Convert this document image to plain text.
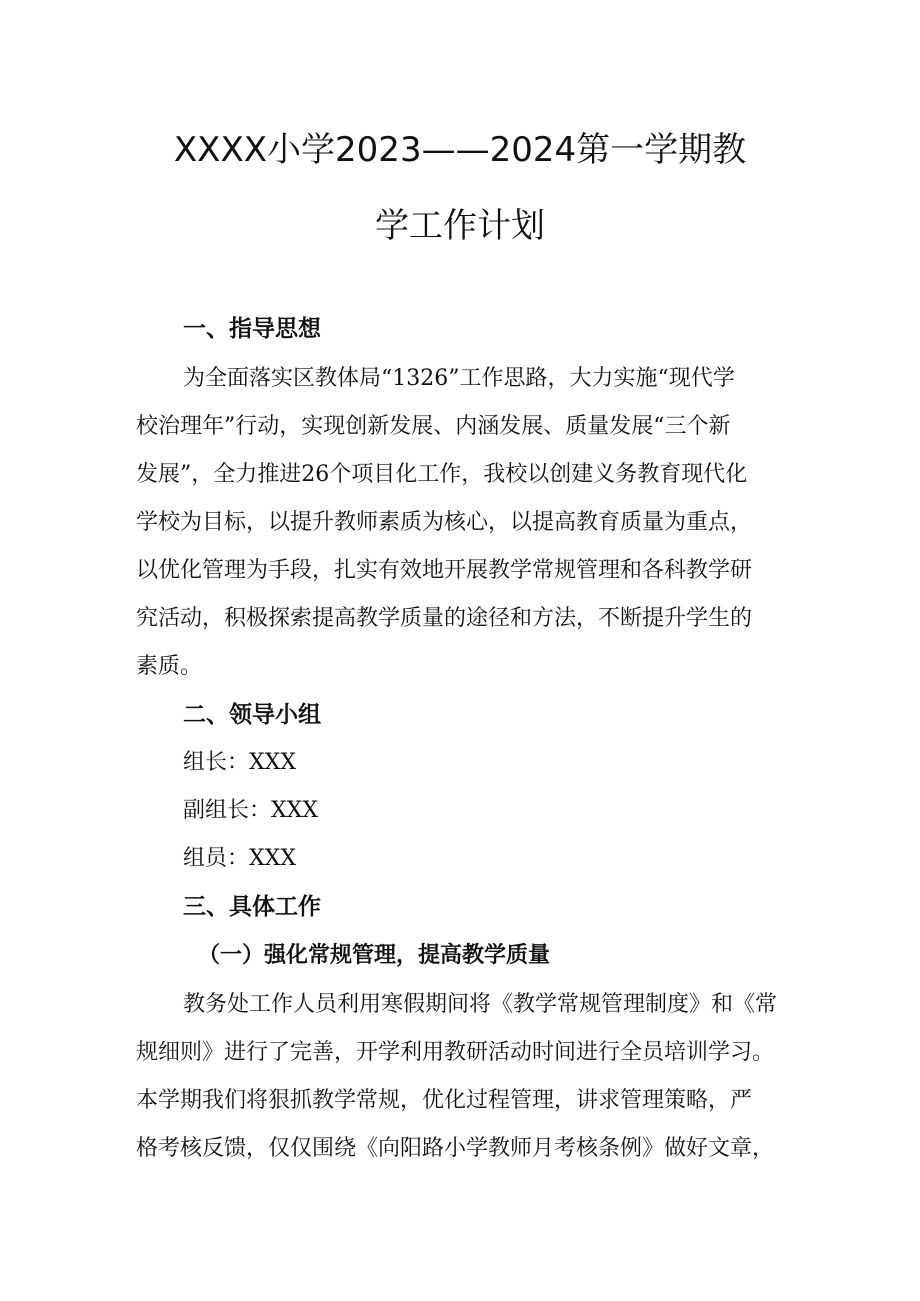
XXXX小学2023——2024第一学期教
学工作计划
一、指导思想
为全面落实区教体局“1326”工作思路，大力实施“现代学
校治理年”行动，实现创新发展、内涵发展、质量发展“三个新
发展”，全力推进26个项目化工作，我校以创建义务教育现代化
学校为目标，以提升教师素质为核心，以提高教育质量为重点，
以优化管理为手段，扎实有效地开展教学常规管理和各科教学研
究活动，积极探索提高教学质量的途径和方法，不断提升学生的
素质。
二、领导小组
组长：XXX
副组长：XXX
组员：XXX
三、具体工作
（一）强化常规管理，提高教学质量
教务处工作人员利用寒假期间将《教学常规管理制度》和《常
规细则》进行了完善，开学利用教研活动时间进行全员培训学习。
本学期我们将狠抓教学常规，优化过程管理，讲求管理策略，严
格考核反馈，仅仅围绕《向阳路小学教师月考核条例》做好文章，
